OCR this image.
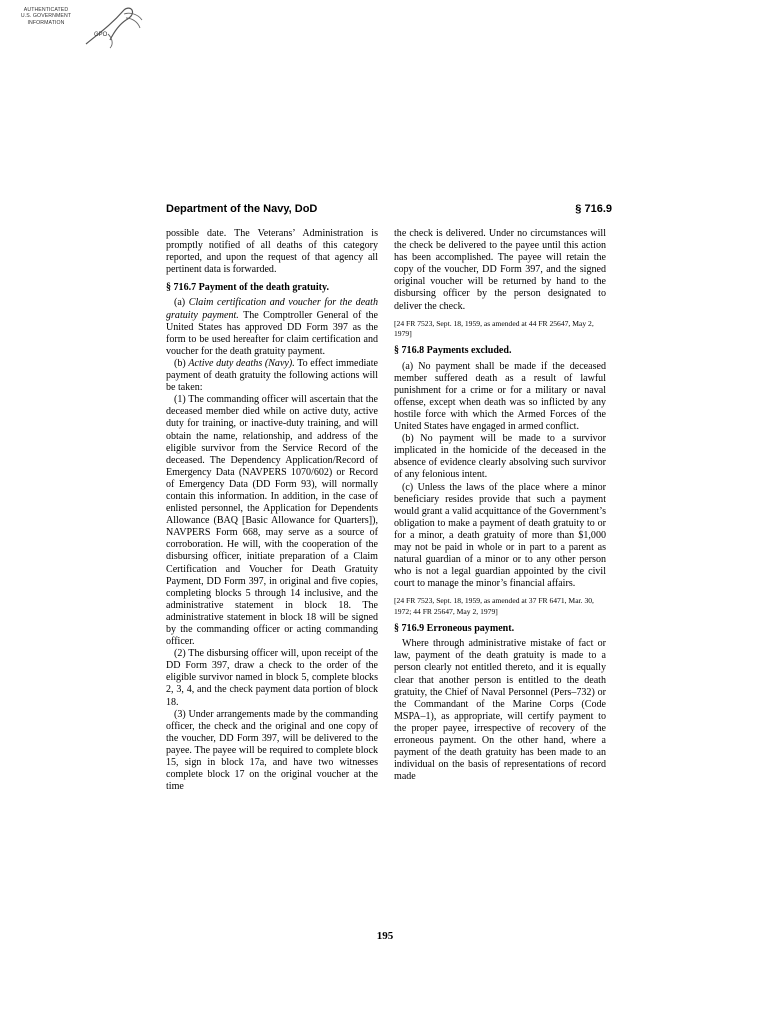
AUTHENTICATED
U.S. GOVERNMENT
INFORMATION
GPO
Department of the Navy, DoD	§ 716.9

possible date. The Veterans’ Administration is promptly notified of all deaths of this category reported, and upon the request of that agency all pertinent data is forwarded.

§ 716.7 Payment of the death gratuity.

(a) Claim certification and voucher for the death gratuity payment. The Comptroller General of the United States has approved DD Form 397 as the form to be used hereafter for claim certification and voucher for the death gratuity payment.

(b) Active duty deaths (Navy). To effect immediate payment of death gratuity the following actions will be taken:

(1) The commanding officer will ascertain that the deceased member died while on active duty, active duty for training, or inactive-duty training, and will obtain the name, relationship, and address of the eligible survivor from the Service Record of the deceased. The Dependency Application/Record of Emergency Data (NAVPERS 1070/602) or Record of Emergency Data (DD Form 93), will normally contain this information. In addition, in the case of enlisted personnel, the Application for Dependents Allowance (BAQ [Basic Allowance for Quarters]), NAVPERS Form 668, may serve as a source of corroboration. He will, with the cooperation of the disbursing officer, initiate preparation of a Claim Certification and Voucher for Death Gratuity Payment, DD Form 397, in original and five copies, completing blocks 5 through 14 inclusive, and the administrative statement in block 18. The administrative statement in block 18 will be signed by the commanding officer or acting commanding officer.

(2) The disbursing officer will, upon receipt of the DD Form 397, draw a check to the order of the eligible survivor named in block 5, complete blocks 2, 3, 4, and the check payment data portion of block 18.

(3) Under arrangements made by the commanding officer, the check and the original and one copy of the voucher, DD Form 397, will be delivered to the payee. The payee will be required to complete block 15, sign in block 17a, and have two witnesses complete block 17 on the original voucher at the time

the check is delivered. Under no circumstances will the check be delivered to the payee until this action has been accomplished. The payee will retain the copy of the voucher, DD Form 397, and the signed original voucher will be returned by hand to the disbursing officer by the person designated to deliver the check.

[24 FR 7523, Sept. 18, 1959, as amended at 44 FR 25647, May 2, 1979]

§ 716.8 Payments excluded.

(a) No payment shall be made if the deceased member suffered death as a result of lawful punishment for a crime or for a military or naval offense, except when death was so inflicted by any hostile force with which the Armed Forces of the United States have engaged in armed conflict.

(b) No payment will be made to a survivor implicated in the homicide of the deceased in the absence of evidence clearly absolving such survivor of any felonious intent.

(c) Unless the laws of the place where a minor beneficiary resides provide that such a payment would grant a valid acquittance of the Government’s obligation to make a payment of death gratuity to or for a minor, a death gratuity of more than $1,000 may not be paid in whole or in part to a parent as natural guardian of a minor or to any other person who is not a legal guardian appointed by the civil court to manage the minor’s financial affairs.

[24 FR 7523, Sept. 18, 1959, as amended at 37 FR 6471, Mar. 30, 1972; 44 FR 25647, May 2, 1979]

§ 716.9 Erroneous payment.

Where through administrative mistake of fact or law, payment of the death gratuity is made to a person clearly not entitled thereto, and it is equally clear that another person is entitled to the death gratuity, the Chief of Naval Personnel (Pers–732) or the Commandant of the Marine Corps (Code MSPA–1), as appropriate, will certify payment to the proper payee, irrespective of recovery of the erroneous payment. On the other hand, where a payment of the death gratuity has been made to an individual on the basis of representations of record made

195
